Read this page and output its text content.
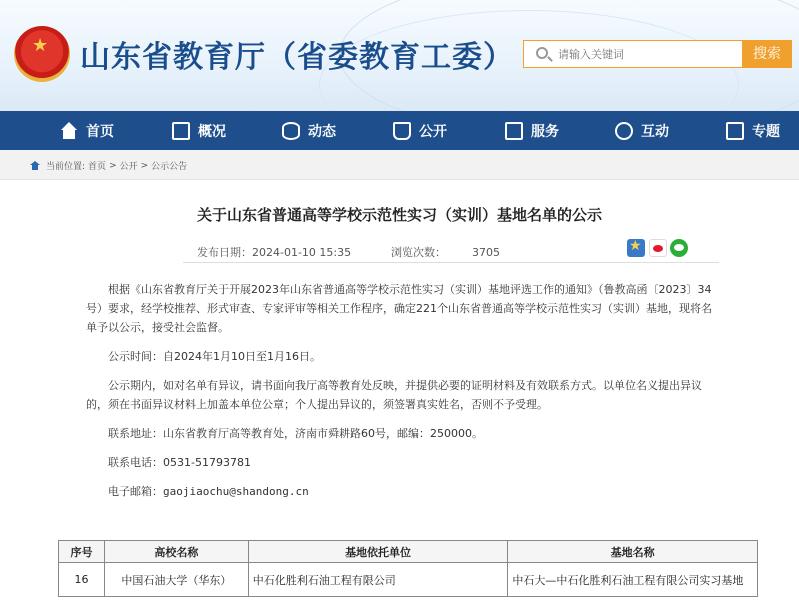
★
山东省教育厅（省委教育工委）
请输入关键词	搜索
首页	概况	动态	公开	服务	互动	专题
当前位置: 首页 > 公开 > 公示公告
关于山东省普通高等学校示范性实习（实训）基地名单的公示
发布日期：2024-01-10 15:35	浏览次数： 3705
★

根据《山东省教育厅关于开展2023年山东省普通高等学校示范性实习（实训）基地评选工作的通知》（鲁教高函〔2023〕34号）要求，经学校推荐、形式审查、专家评审等相关工作程序，确定221个山东省普通高等学校示范性实习（实训）基地，现将名单予以公示，接受社会监督。

公示时间：自2024年1月10日至1月16日。

公示期内，如对名单有异议，请书面向我厅高等教育处反映，并提供必要的证明材料及有效联系方式。以单位名义提出异议的，须在书面异议材料上加盖本单位公章；个人提出异议的，须签署真实姓名，否则不予受理。

联系地址：山东省教育厅高等教育处，济南市舜耕路60号，邮编：250000。

联系电话：0531-51793781

电子邮箱：gaojiaochu@shandong.cn

序号	高校名称	基地依托单位	基地名称
16	中国石油大学（华东）	中石化胜利石油工程有限公司	中石大—中石化胜利石油工程有限公司实习基地
